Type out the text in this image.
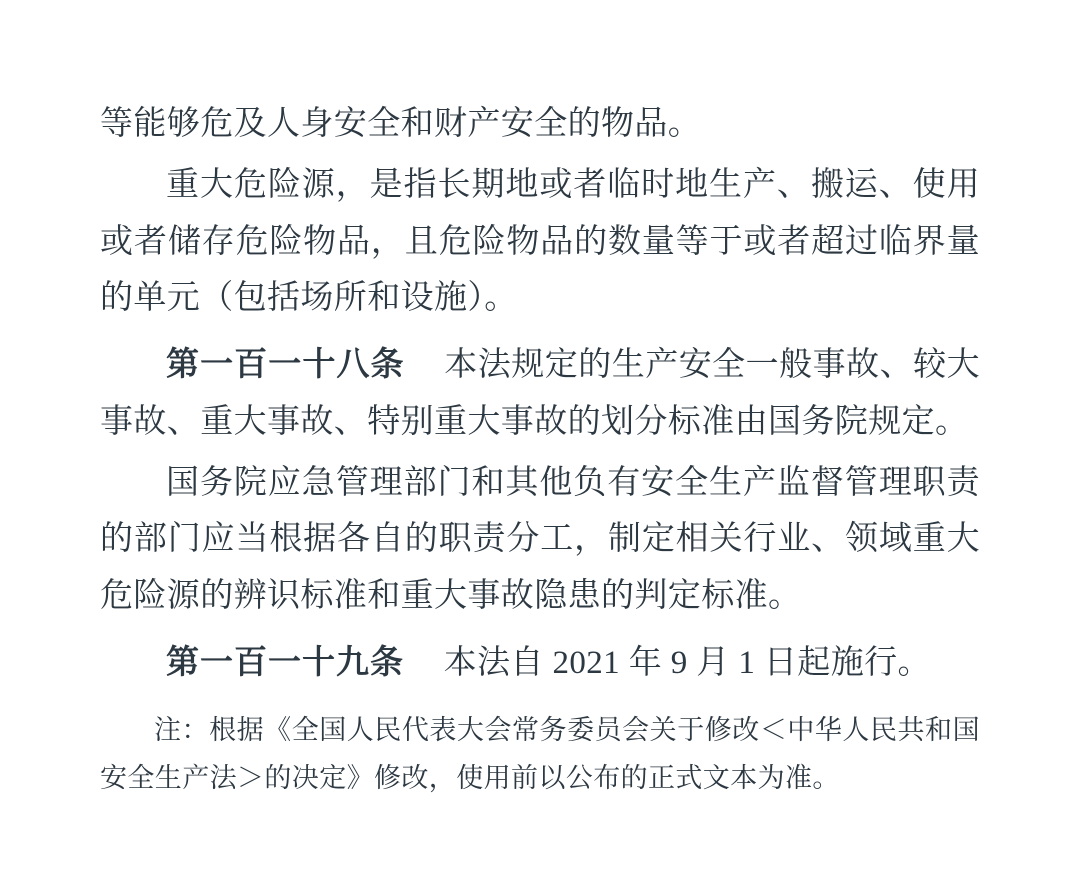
等能够危及人身安全和财产安全的物品。

重大危险源，是指长期地或者临时地生产、搬运、使用或者储存危险物品，且危险物品的数量等于或者超过临界量的单元（包括场所和设施）。

第一百一十八条 本法规定的生产安全一般事故、较大事故、重大事故、特别重大事故的划分标准由国务院规定。

国务院应急管理部门和其他负有安全生产监督管理职责的部门应当根据各自的职责分工，制定相关行业、领域重大危险源的辨识标准和重大事故隐患的判定标准。

第一百一十九条 本法自 2021 年 9 月 1 日起施行。

注：根据《全国人民代表大会常务委员会关于修改＜中华人民共和国安全生产法＞的决定》修改，使用前以公布的正式文本为准。
